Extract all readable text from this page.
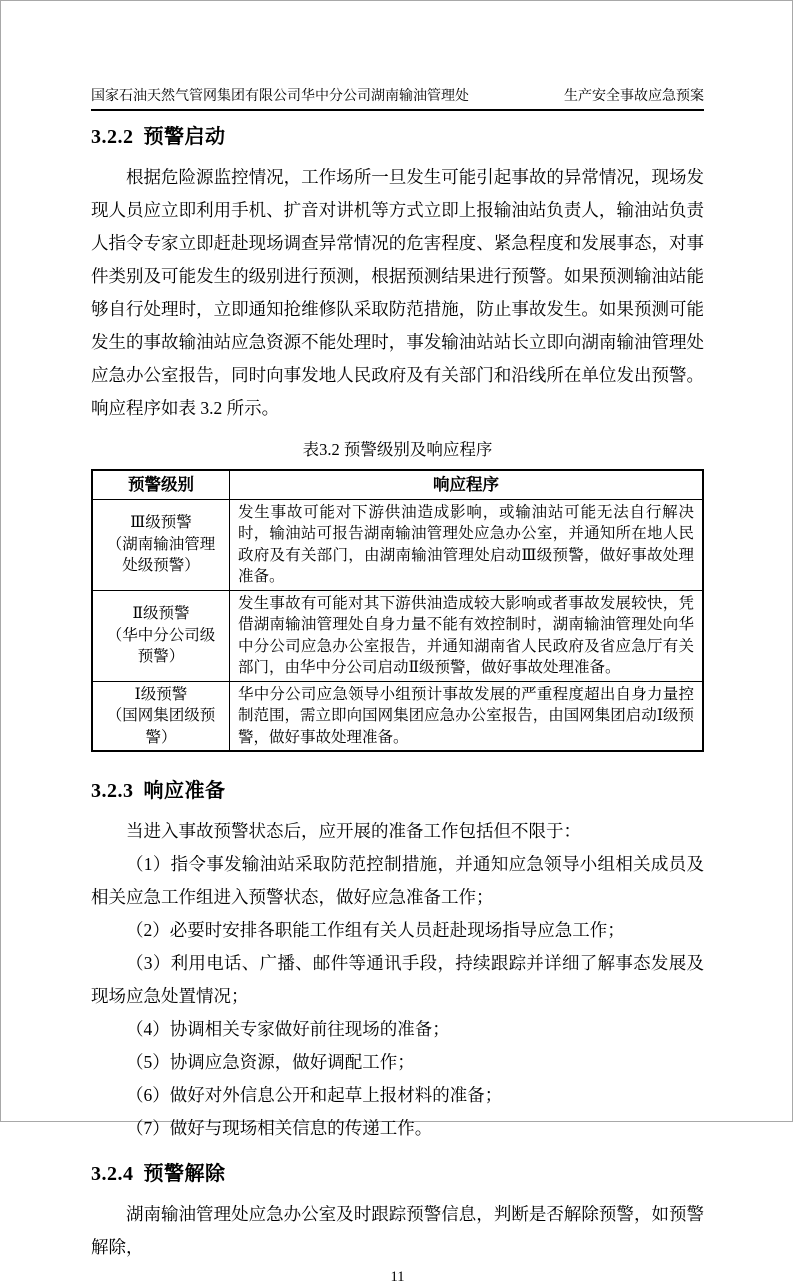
国家石油天然气管网集团有限公司华中分公司湖南输油管理处	生产安全事故应急预案
3.2.2 预警启动

根据危险源监控情况，工作场所一旦发生可能引起事故的异常情况，现场发现人员应立即利用手机、扩音对讲机等方式立即上报输油站负责人，输油站负责人指令专家立即赶赴现场调查异常情况的危害程度、紧急程度和发展事态，对事件类别及可能发生的级别进行预测，根据预测结果进行预警。如果预测输油站能够自行处理时，立即通知抢维修队采取防范措施，防止事故发生。如果预测可能发生的事故输油站应急资源不能处理时，事发输油站站长立即向湖南输油管理处应急办公室报告，同时向事发地人民政府及有关部门和沿线所在单位发出预警。响应程序如表 3.2 所示。

表3.2 预警级别及响应程序
预警级别	响应程序

Ⅲ级预警
（湖南输油管理处级预警）	发生事故可能对下游供油造成影响，或输油站可能无法自行解决时，输油站可报告湖南输油管理处应急办公室，并通知所在地人民政府及有关部门，由湖南输油管理处启动Ⅲ级预警，做好事故处理准备。

Ⅱ级预警
（华中分公司级预警）	发生事故有可能对其下游供油造成较大影响或者事故发展较快，凭借湖南输油管理处自身力量不能有效控制时，湖南输油管理处向华中分公司应急办公室报告，并通知湖南省人民政府及省应急厅有关部门，由华中分公司启动Ⅱ级预警，做好事故处理准备。

Ⅰ级预警
（国网集团级预警）	华中分公司应急领导小组预计事故发展的严重程度超出自身力量控制范围，需立即向国网集团应急办公室报告，由国网集团启动Ⅰ级预警，做好事故处理准备。
3.2.3 响应准备

当进入事故预警状态后，应开展的准备工作包括但不限于：

（1）指令事发输油站采取防范控制措施，并通知应急领导小组相关成员及相关应急工作组进入预警状态，做好应急准备工作；

（2）必要时安排各职能工作组有关人员赶赴现场指导应急工作；

（3）利用电话、广播、邮件等通讯手段，持续跟踪并详细了解事态发展及现场应急处置情况；

（4）协调相关专家做好前往现场的准备；

（5）协调应急资源，做好调配工作；

（6）做好对外信息公开和起草上报材料的准备；

（7）做好与现场相关信息的传递工作。

3.2.4 预警解除

湖南输油管理处应急办公室及时跟踪预警信息，判断是否解除预警，如预警解除，

11
